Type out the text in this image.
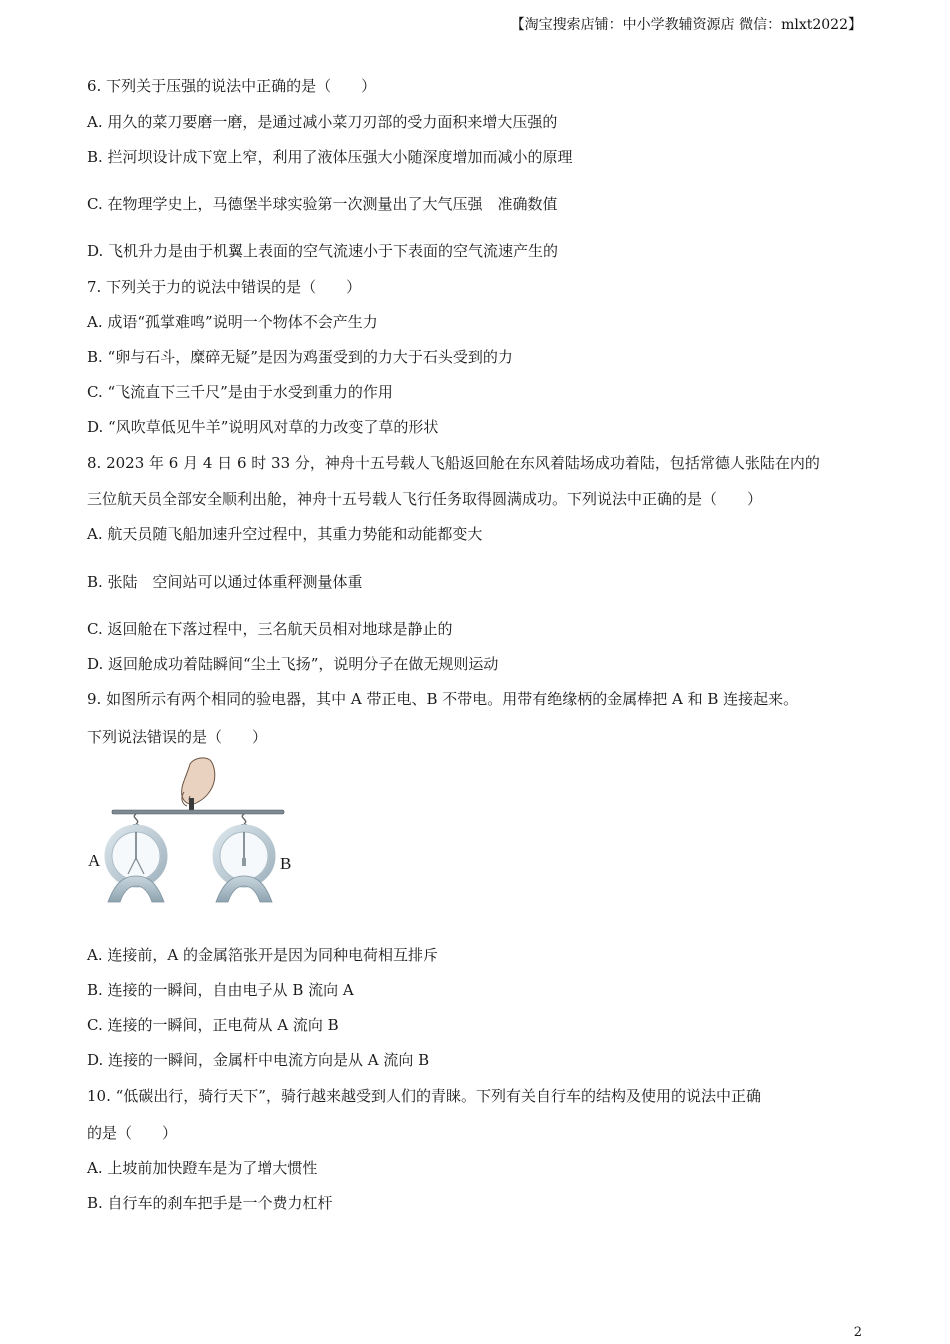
【淘宝搜索店铺：中小学教辅资源店 微信：mlxt2022】
6. 下列关于压强的说法中正确的是（　　）
A. 用久的菜刀要磨一磨，是通过减小菜刀刃部的受力面积来增大压强的
B. 拦河坝设计成下宽上窄，利用了液体压强大小随深度增加而减小的原理
C. 在物理学史上，马德堡半球实验第一次测量出了大气压强　准确数值
D. 飞机升力是由于机翼上表面的空气流速小于下表面的空气流速产生的
7. 下列关于力的说法中错误的是（　　）
A. 成语“孤掌难鸣”说明一个物体不会产生力
B. “卵与石斗，糜碎无疑”是因为鸡蛋受到的力大于石头受到的力
C. “飞流直下三千尺”是由于水受到重力的作用
D. “风吹草低见牛羊”说明风对草的力改变了草的形状
8. 2023 年 6 月 4 日 6 时 33 分，神舟十五号载人飞船返回舱在东风着陆场成功着陆，包括常德人张陆在内的
三位航天员全部安全顺利出舱，神舟十五号载人飞行任务取得圆满成功。下列说法中正确的是（　　）
A. 航天员随飞船加速升空过程中，其重力势能和动能都变大
B. 张陆　空间站可以通过体重秤测量体重
C. 返回舱在下落过程中，三名航天员相对地球是静止的
D. 返回舱成功着陆瞬间“尘土飞扬”，说明分子在做无规则运动
9. 如图所示有两个相同的验电器，其中 A 带正电、B 不带电。用带有绝缘柄的金属棒把 A 和 B 连接起来。
下列说法错误的是（　　）
A	B
A. 连接前，A 的金属箔张开是因为同种电荷相互排斥
B. 连接的一瞬间，自由电子从 B 流向 A
C. 连接的一瞬间，正电荷从 A 流向 B
D. 连接的一瞬间，金属杆中电流方向是从 A 流向 B
10. “低碳出行，骑行天下”，骑行越来越受到人们的青睐。下列有关自行车的结构及使用的说法中正确
的是（　　）
A. 上坡前加快蹬车是为了增大惯性
B. 自行车的刹车把手是一个费力杠杆
2
